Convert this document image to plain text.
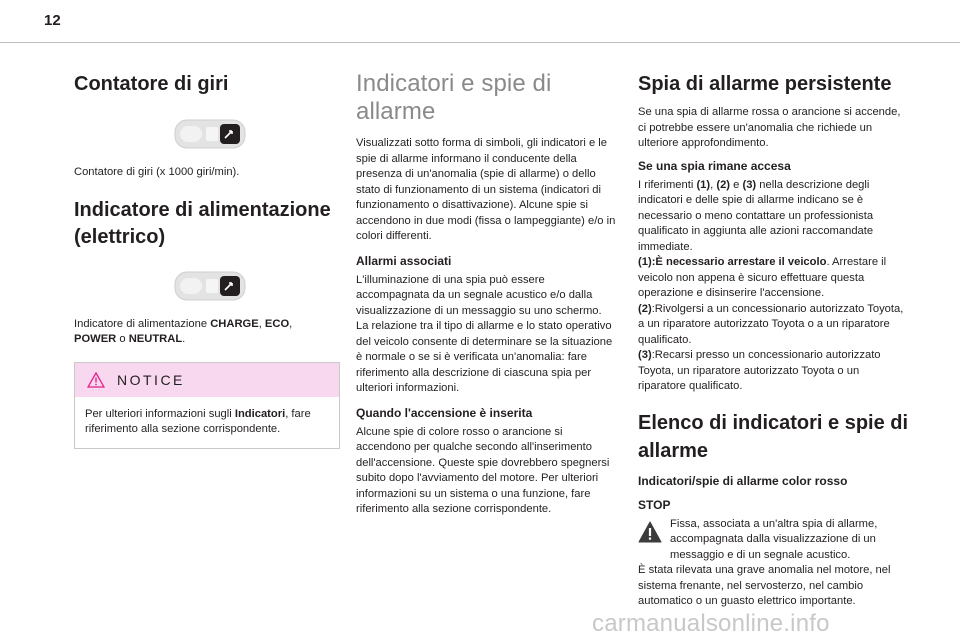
12
Contatore di giri

Contatore di giri (x 1000 giri/min).

Indicatore di alimentazione (elettrico)

Indicatore di alimentazione CHARGE, ECO,
POWER o NEUTRAL.

NOTICE
Per ulteriori informazioni sugli Indicatori, fare riferimento alla sezione corrispondente.
Indicatori e spie di allarme

Visualizzati sotto forma di simboli, gli indicatori e le spie di allarme informano il conducente della presenza di un'anomalia (spie di allarme) o dello stato di funzionamento di un sistema (indicatori di funzionamento o disattivazione). Alcune spie si accendono in due modi (fissa o lampeggiante) e/o in colori differenti.

Allarmi associati

L'illuminazione di una spia può essere accompagnata da un segnale acustico e/o dalla visualizzazione di un messaggio su uno schermo.

La relazione tra il tipo di allarme e lo stato operativo del veicolo consente di determinare se la situazione è normale o se si è verificata un'anomalia: fare riferimento alla descrizione di ciascuna spia per ulteriori informazioni.

Quando l'accensione è inserita

Alcune spie di colore rosso o arancione si accendono per qualche secondo all'inserimento dell'accensione. Queste spie dovrebbero spegnersi subito dopo l'avviamento del motore. Per ulteriori informazioni su un sistema o una funzione, fare riferimento alla sezione corrispondente.

Spia di allarme persistente

Se una spia di allarme rossa o arancione si accende, ci potrebbe essere un'anomalia che richiede un ulteriore approfondimento.

Se una spia rimane accesa

I riferimenti (1), (2) e (3) nella descrizione degli indicatori e delle spie di allarme indicano se è necessario o meno contattare un professionista qualificato in aggiunta alle azioni raccomandate immediate.

(1):È necessario arrestare il veicolo. Arrestare il veicolo non appena è sicuro effettuare questa operazione e disinserire l'accensione.

(2):Rivolgersi a un concessionario autorizzato Toyota, a un riparatore autorizzato Toyota o a un riparatore qualificato.

(3):Recarsi presso un concessionario autorizzato Toyota, un riparatore autorizzato Toyota o un riparatore qualificato.

Elenco di indicatori e spie di allarme
Indicatori/spie di allarme color rosso
STOP

Fissa, associata a un'altra spia di allarme, accompagnata dalla visualizzazione di un messaggio e di un segnale acustico.

È stata rilevata una grave anomalia nel motore, nel sistema frenante, nel servosterzo, nel cambio automatico o un guasto elettrico importante.

carmanualsonline.info
